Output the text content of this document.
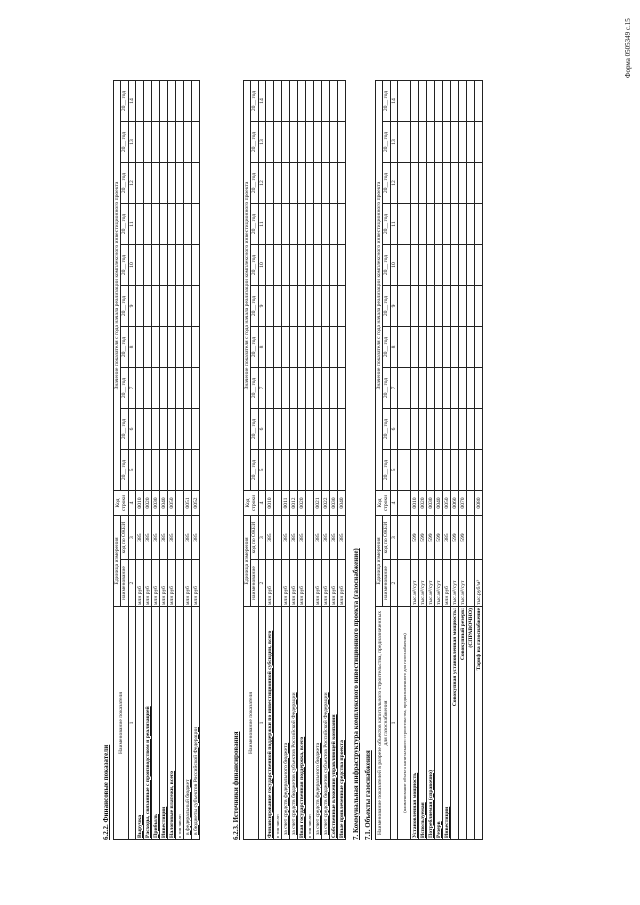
Форма 0505349 с.15
6.2.2. Финансовые показатели
Наименование показателя	Единица измерения		Код строки	Значение показателя с года начала реализации комплексного инвестиционного проекта									
	наименование	код по ОКЕИ		20__ год	20__ год	20__ год	20__ год	20__ год	20__ год	20__ год	20__ год	20__ год	20__ год
1	2	3	4	5	6	7	8	9	10	11	12	13	14
Выручка	млн руб	385	0010										
Расходы, связанные с производством и реализацией	млн руб	385	0020										
Прибыль	млн руб	385	0030										
Инвестиции	млн руб	385	0040										
Налоговые платежи, всего	млн руб	385	0050										
в том числе:													
в федеральный бюджет	млн руб	385	0051										
в бюджеты субъектов Российской Федерации	млн руб	385	0052										
6.2.3. Источники финансирования
Наименование показателя	Единица измерения		Код строки	Значение показателя с года начала реализации комплексного инвестиционного проекта									
	наименование	код по ОКЕИ		20__ год	20__ год	20__ год	20__ год	20__ год	20__ год	20__ год	20__ год	20__ год	20__ год
1	2	3	4	5	6	7	8	9	10	11	12	13	14
Финансирование государственной поддержки по инвестиционной субсидии, всего	млн руб	385	0010										
в том числе:													
за счет средств федерального бюджета	млн руб	385	0011										
за счет средств бюджетов субъектов Российской Федерации	млн руб	385	0012										
Иная государственная поддержка, всего	млн руб	385	0020										
в том числе:													
за счет средств федерального бюджета	млн руб	385	0021										
за счет средств бюджетов субъектов Российской Федерации	млн руб	385	0022										
Собственные вложения управляющей компании	млн руб	385	0030										
Иные привлеченные средства проекта	млн руб	385	0040										
7. Коммунальная инфраструктура комплексного инвестиционного проекта (газоснабжение) 7.1. Объекты газоснабжения Наименование показателей в разрезе объектов капитального строительства, предназначенных для газоснабжения	Единица измерения		Код строки	Значение показателя с года начала реализации комплексного инвестиционного проекта									
	наименование	код по ОКЕИ		20__ год	20__ год	20__ год	20__ год	20__ год	20__ год	20__ год	20__ год	20__ год	20__ год
1	2	3	4	5	6	7	8	9	10	11	12	13	14
(наименование объекта капитального строительства, предназначенного для газоснабжения)													
Установленная мощность	тыс.м³/сут	599	0010										
Используемая	тыс.м³/сут	599	0020										
Потребляемая (справочно)	тыс.м³/сут	599	0030										
Резерв	тыс.м³/сут	599	0040										
Инвестиции	млн руб	385	0050										
Совокупная установленная мощность:	тыс.м³/сут	599	0060										
Совокупный резерв:	тыс.м³/сут	599	0070										
(СПРАВОЧНО)													
Тариф на газоснабжение	тыс.руб/м³		0080										
